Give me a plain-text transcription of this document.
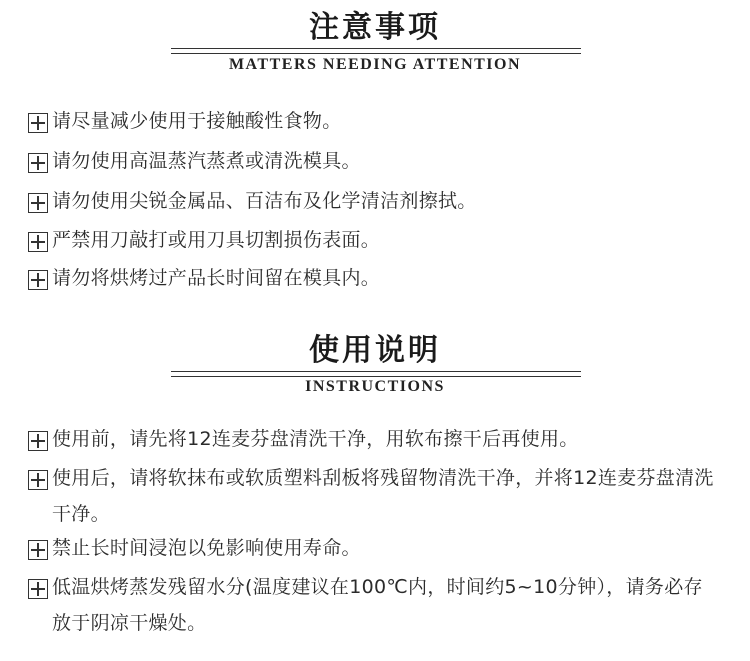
注意事项
MATTERS NEEDING ATTENTION
请尽量减少使用于接触酸性食物。
请勿使用高温蒸汽蒸煮或清洗模具。
请勿使用尖锐金属品、百洁布及化学清洁剂擦拭。
严禁用刀敲打或用刀具切割损伤表面。
请勿将烘烤过产品长时间留在模具内。
使用说明
INSTRUCTIONS
使用前，请先将12连麦芬盘清洗干净，用软布擦干后再使用。
使用后，请将软抹布或软质塑料刮板将残留物清洗干净，并将12连麦芬盘清洗干净。
禁止长时间浸泡以免影响使用寿命。
低温烘烤蒸发残留水分(温度建议在100℃内，时间约5~10分钟），请务必存放于阴凉干燥处。
